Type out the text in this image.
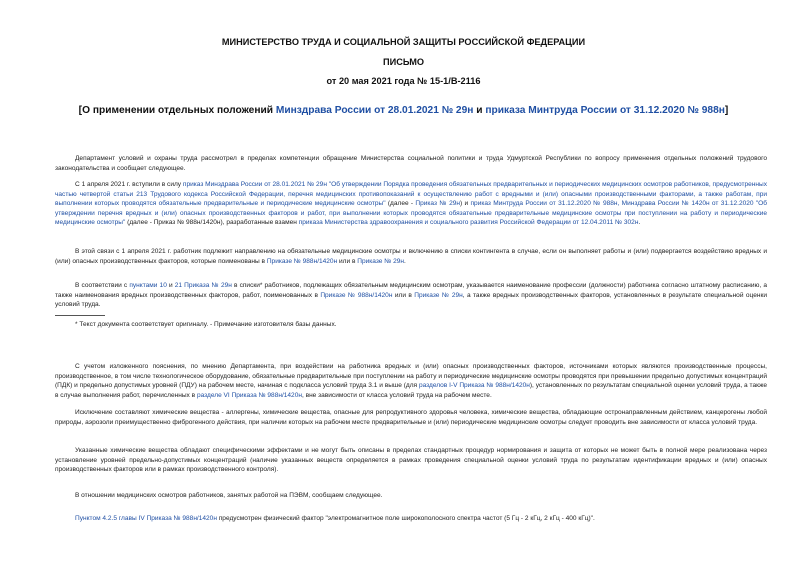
МИНИСТЕРСТВО ТРУДА И СОЦИАЛЬНОЙ ЗАЩИТЫ РОССИЙСКОЙ ФЕДЕРАЦИИ
ПИСЬМО
от 20 мая 2021 года № 15-1/В-2116
[О применении отдельных положений Минздрава России от 28.01.2021 № 29н и приказа Минтруда России от 31.12.2020 № 988н]

Департамент условий и охраны труда рассмотрел в пределах компетенции обращение Министерства социальной политики и труда Удмуртской Республики по вопросу применения отдельных положений трудового законодательства и сообщает следующее.

С 1 апреля 2021 г. вступили в силу приказ Минздрава России от 28.01.2021 № 29н "Об утверждении Порядка проведения обязательных предварительных и периодических медицинских осмотров работников, предусмотренных частью четвертой статьи 213 Трудового кодекса Российской Федерации, перечня медицинских противопоказаний к осуществлению работ с вредными и (или) опасными производственными факторами, а также работам, при выполнении которых проводятся обязательные предварительные и периодические медицинские осмотры" (далее - Приказ № 29н) и приказ Минтруда России от 31.12.2020 № 988н, Минздрава России № 1420н от 31.12.2020 "Об утверждении перечня вредных и (или) опасных производственных факторов и работ, при выполнении которых проводятся обязательные предварительные медицинские осмотры при поступлении на работу и периодические медицинские осмотры" (далее - Приказ № 988н/1420н), разработанные взамен приказа Министерства здравоохранения и социального развития Российской Федерации от 12.04.2011 № 302н.

В этой связи с 1 апреля 2021 г. работник подлежит направлению на обязательные медицинские осмотры и включению в списки контингента в случае, если он выполняет работы и (или) подвергается воздействию вредных и (или) опасных производственных факторов, которые поименованы в Приказе № 988н/1420н или в Приказе № 29н.

В соответствии с пунктами 10 и 21 Приказа № 29н в списки* работников, подлежащих обязательным медицинским осмотрам, указывается наименование профессии (должности) работника согласно штатному расписанию, а также наименования вредных производственных факторов, работ, поименованных в Приказе № 988н/1420н или в Приказе № 29н, а также вредных производственных факторов, установленных в результате специальной оценки условий труда.

* Текст документа соответствует оригиналу. - Примечание изготовителя базы данных.

С учетом изложенного пояснения, по мнению Департамента, при воздействии на работника вредных и (или) опасных производственных факторов, источниками которых являются производственные процессы, производственное, в том числе технологическое оборудование, обязательные предварительные при поступлении на работу и периодические медицинские осмотры проводятся при превышении предельно допустимых концентраций (ПДК) и предельно допустимых уровней (ПДУ) на рабочем месте, начиная с подкласса условий труда 3.1 и выше (для разделов I-V Приказа № 988н/1420н), установленных по результатам специальной оценки условий труда, а также в случае выполнения работ, перечисленных в разделе VI Приказа № 988н/1420н, вне зависимости от класса условий труда на рабочем месте.

Исключение составляют химические вещества - аллергены, химические вещества, опасные для репродуктивного здоровья человека, химические вещества, обладающие остронаправленным действием, канцерогены любой природы, аэрозоли преимущественно фиброгенного действия, при наличии которых на рабочем месте предварительные и (или) периодические медицинские осмотры следует проводить вне зависимости от класса условий труда.

Указанные химические вещества обладают специфическими эффектами и не могут быть описаны в пределах стандартных процедур нормирования и защита от которых не может быть в полной мере реализована через установление уровней предельно-допустимых концентраций (наличие указанных веществ определяется в рамках проведения специальной оценки условий труда по результатам идентификации вредных и (или) опасных производственных факторов или в рамках производственного контроля).

В отношении медицинских осмотров работников, занятых работой на ПЭВМ, сообщаем следующее.

Пунктом 4.2.5 главы IV Приказа № 988н/1420н предусмотрен физический фактор "электромагнитное поле широкополосного спектра частот (5 Гц - 2 кГц, 2 кГц - 400 кГц)".
